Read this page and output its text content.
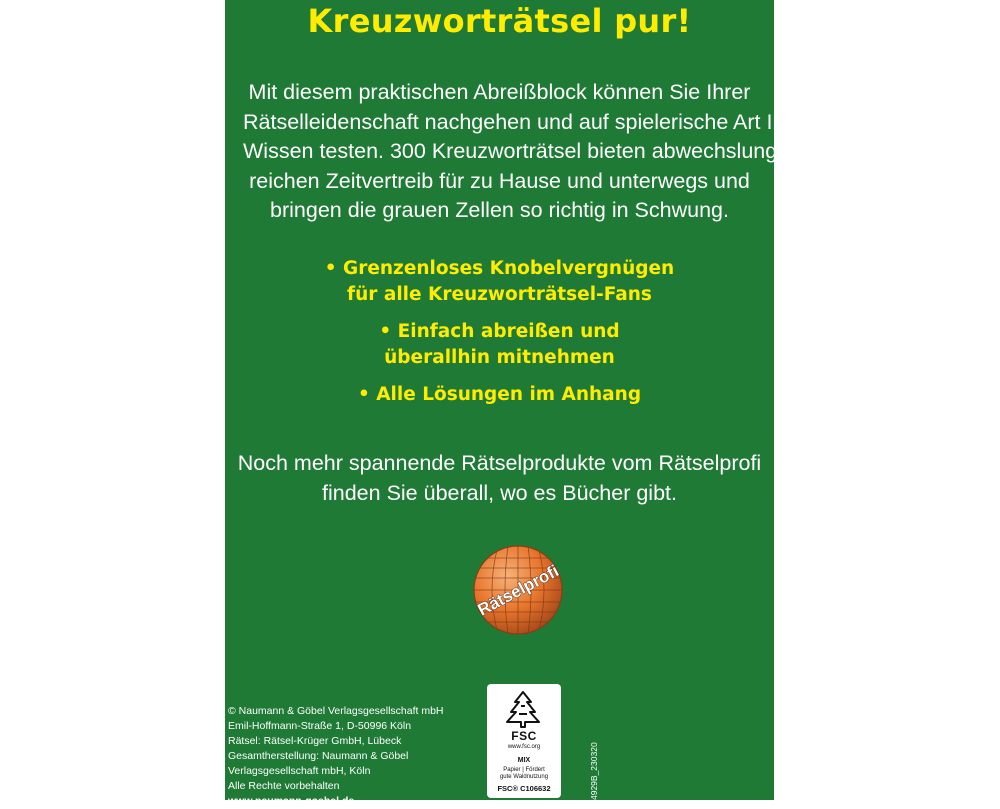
Kreuzworträtsel pur!
Mit diesem praktischen Abreißblock können Sie Ihrer
Rätselleidenschaft nachgehen und auf spielerische Art Ihr
Wissen testen. 300 Kreuzworträtsel bieten abwechslungs-
reichen Zeitvertreib für zu Hause und unterwegs und
bringen die grauen Zellen so richtig in Schwung.
• Grenzenloses Knobelvergnügen
für alle Kreuzworträtsel-Fans
• Einfach abreißen und
überallhin mitnehmen
• Alle Lösungen im Anhang
Noch mehr spannende Rätselprodukte vom Rätselprofi
finden Sie überall, wo es Bücher gibt.
Rätselprofi
© Naumann & Göbel Verlagsgesellschaft mbH
Emil-Hoffmann-Straße 1, D-50996 Köln
Rätsel: Rätsel-Krüger GmbH, Lübeck
Gesamtherstellung: Naumann & Göbel
Verlagsgesellschaft mbH, Köln
Alle Rechte vorbehalten
www.naumann-goebel.de
FSC
www.fsc.org
MIX
Papier | Fördert
gute Waldnutzung
FSC® C106632	4929B_230320
